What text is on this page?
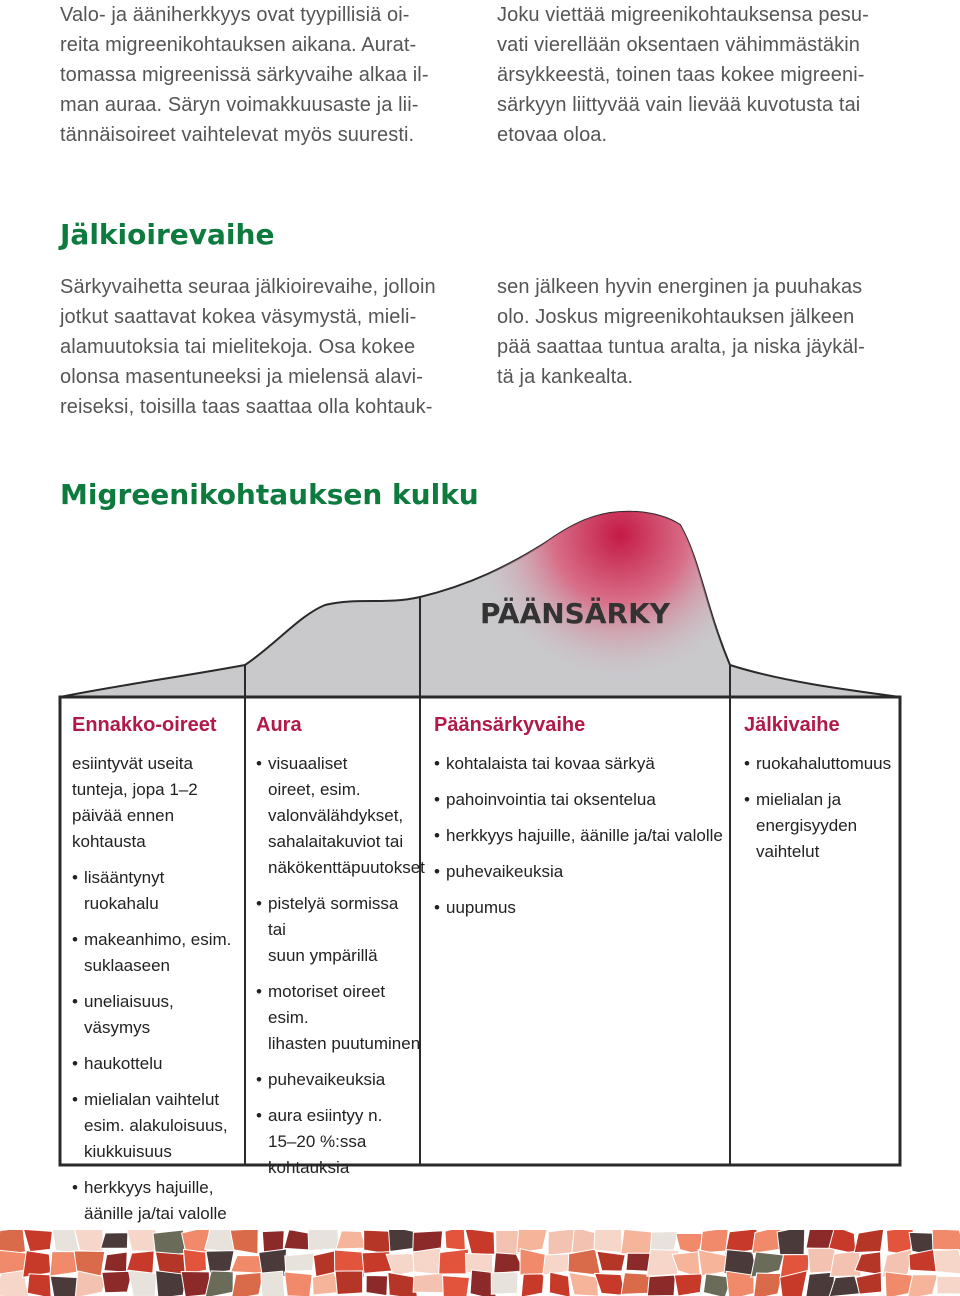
Valo- ja ääniherkkyys ovat tyypillisiä oi-
reita migreenikohtauksen aikana. Aurat-
tomassa migreenissä särkyvaihe alkaa il-
man auraa. Säryn voimakkuusaste ja lii-
tännäisoireet vaihtelevat myös suuresti.

Joku viettää migreenikohtauksensa pesu-
vati vierellään oksentaen vähimmästäkin
ärsykkeestä, toinen taas kokee migreeni-
särkyyn liittyvää vain lievää kuvotusta tai
etovaa oloa.

Jälkioirevaihe

Särkyvaihetta seuraa jälkioirevaihe, jolloin
jotkut saattavat kokea väsymystä, mieli-
alamuutoksia tai mielitekoja. Osa kokee
olonsa masentuneeksi ja mielensä alavi-
reiseksi, toisilla taas saattaa olla kohtauk-

sen jälkeen hyvin energinen ja puuhakas
olo. Joskus migreenikohtauksen jälkeen
pää saattaa tuntua aralta, ja niska jäykäl-
tä ja kankealta.

Migreenikohtauksen kulku
PÄÄNSÄRKY
Ennakko-oireet
esiintyvät useita
tunteja, jopa 1–2
päivää ennen kohtausta
• lisääntynyt ruokahalu
• makeanhimo, esim.
suklaaseen
• uneliaisuus, väsymys
• haukottelu
• mielialan vaihtelut
esim. alakuloisuus,
kiukkuisuus
• herkkyys hajuille,
äänille ja/tai valolle
Aura
• visuaaliset
oireet, esim.
valonvälähdykset,
sahalaitakuviot tai
näkökenttäpuutokset
• pistelyä sormissa tai
suun ympärillä
• motoriset oireet esim.
lihasten puutuminen
• puhevaikeuksia
• aura esiintyy n.
15–20 %:ssa
kohtauksia
Päänsärkyvaihe
• kohtalaista tai kovaa särkyä
• pahoinvointia tai oksentelua
• herkkyys hajuille, äänille ja/tai valolle
• puhevaikeuksia
• uupumus
Jälkivaihe
• ruokahaluttomuus
• mielialan ja
energisyyden
vaihtelut
